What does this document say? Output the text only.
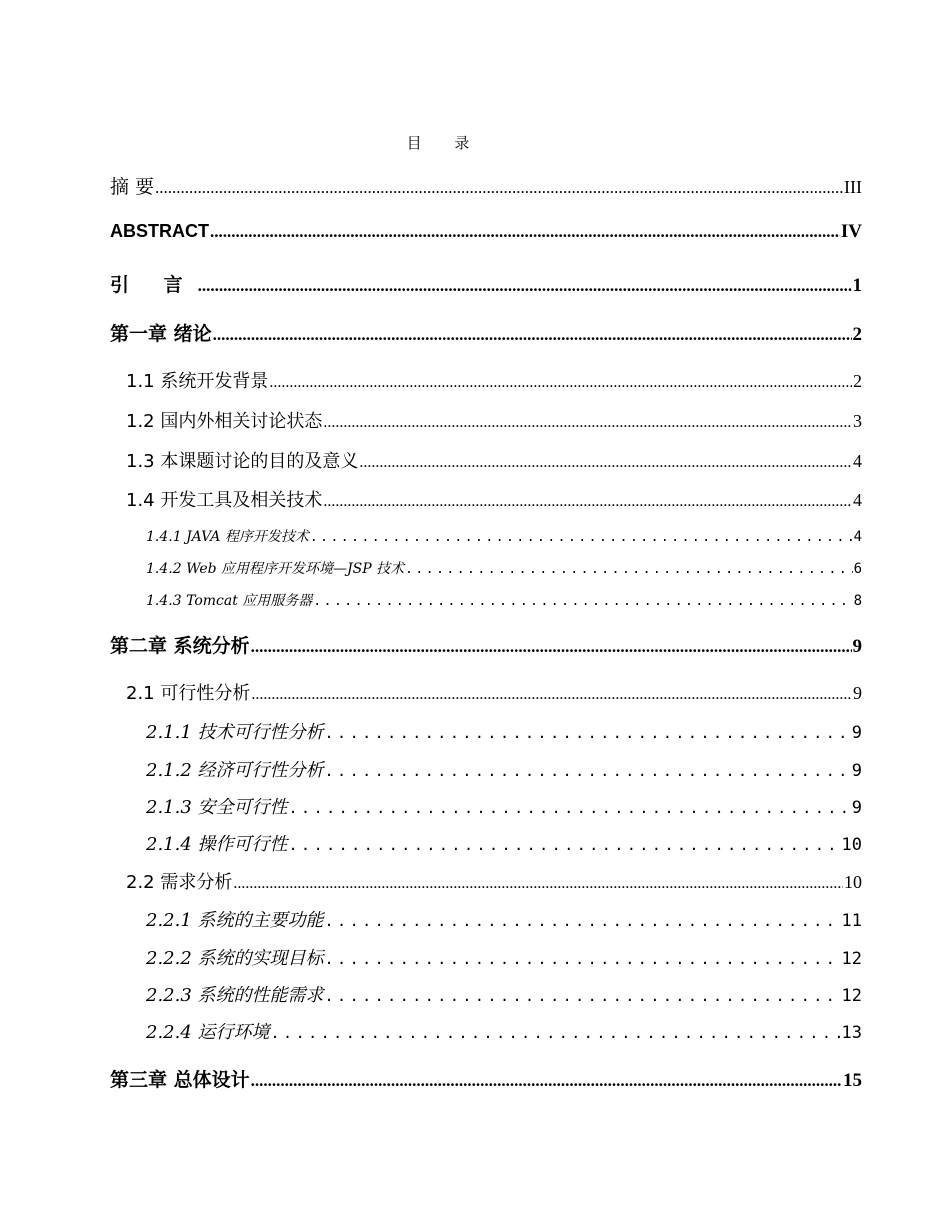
目 录
摘 要 .....	III
ABSTRACT .....	IV
引 言 .....	1
第一章 绪论 .....	2
1.1 系统开发背景 .....	2
1.2 国内外相关讨论状态 .....	3
1.3 本课题讨论的目的及意义 .....	4
1.4 开发工具及相关技术 .....	4
1.4.1 JAVA 程序开发技术 .....	4
1.4.2 Web 应用程序开发环境—JSP 技术 .....	6
1.4.3 Tomcat 应用服务器 .....	8
第二章 系统分析 .....	9
2.1 可行性分析 .....	9
2.1.1 技术可行性分析 .....	9
2.1.2 经济可行性分析 .....	9
2.1.3 安全可行性 .....	9
2.1.4 操作可行性 .....	10
2.2 需求分析 .....	10
2.2.1 系统的主要功能 .....	11
2.2.2 系统的实现目标 .....	12
2.2.3 系统的性能需求 .....	12
2.2.4 运行环境 .....	13
第三章 总体设计 .....	15
